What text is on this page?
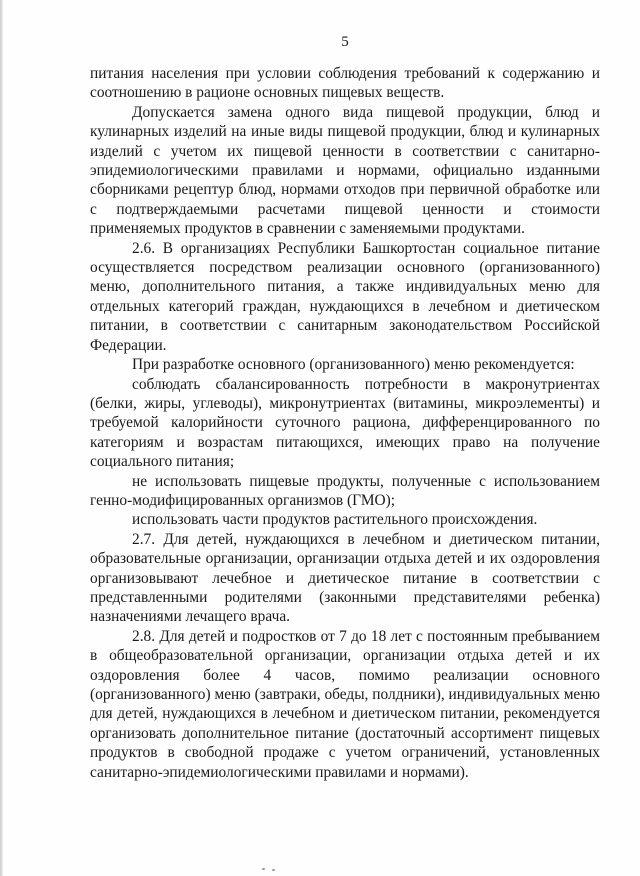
5

питания населения при условии соблюдения требований к содержанию и соотношению в рационе основных пищевых веществ.

Допускается замена одного вида пищевой продукции, блюд и кулинарных изделий на иные виды пищевой продукции, блюд и кулинарных изделий с учетом их пищевой ценности в соответствии с санитарно-эпидемиологическими правилами и нормами, официально изданными сборниками рецептур блюд, нормами отходов при первичной обработке или с подтверждаемыми расчетами пищевой ценности и стоимости применяемых продуктов в сравнении с заменяемыми продуктами.

2.6. В организациях Республики Башкортостан социальное питание осуществляется посредством реализации основного (организованного) меню, дополнительного питания, а также индивидуальных меню для отдельных категорий граждан, нуждающихся в лечебном и диетическом питании, в соответствии с санитарным законодательством Российской Федерации.

При разработке основного (организованного) меню рекомендуется:

соблюдать сбалансированность потребности в макронутриентах (белки, жиры, углеводы), микронутриентах (витамины, микроэлементы) и требуемой калорийности суточного рациона, дифференцированного по категориям и возрастам питающихся, имеющих право на получение социального питания;

не использовать пищевые продукты, полученные с использованием генно-модифицированных организмов (ГМО);

использовать части продуктов растительного происхождения.

2.7. Для детей, нуждающихся в лечебном и диетическом питании, образовательные организации, организации отдыха детей и их оздоровления организовывают лечебное и диетическое питание в соответствии с представленными родителями (законными представителями ребенка) назначениями лечащего врача.

2.8. Для детей и подростков от 7 до 18 лет с постоянным пребыванием в общеобразовательной организации, организации отдыха детей и их оздоровления более 4 часов, помимо реализации основного (организованного) меню (завтраки, обеды, полдники), индивидуальных меню для детей, нуждающихся в лечебном и диетическом питании, рекомендуется организовать дополнительное питание (достаточный ассортимент пищевых продуктов в свободной продаже с учетом ограничений, установленных санитарно-эпидемиологическими правилами и нормами).
